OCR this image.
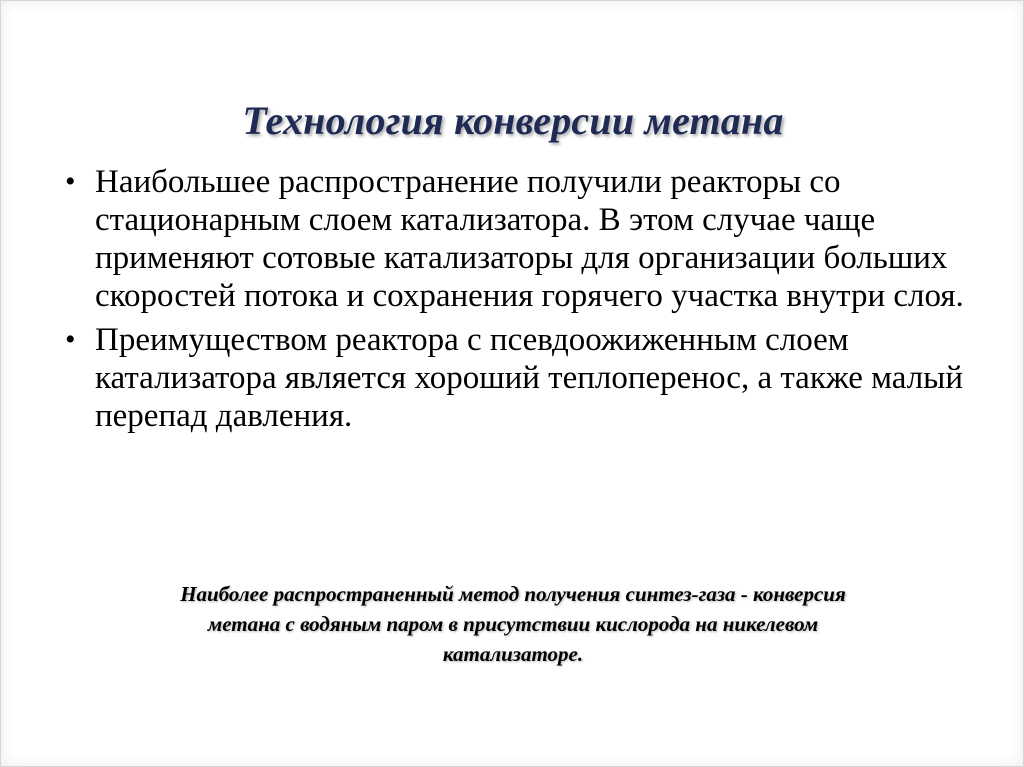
Технология конверсии метана
• Наибольшее распространение получили реакторы со стационарным слоем катализатора. В этом случае чаще применяют сотовые катализаторы для организации больших скоростей потока и сохранения горячего участка внутри слоя.
• Преимуществом реактора с псевдоожиженным слоем катализатора является хороший теплоперенос, а также малый перепад давления.
Наиболее распространенный метод получения синтез-газа - конверсия метана с водяным паром в присутствии кислорода на никелевом катализаторе.
